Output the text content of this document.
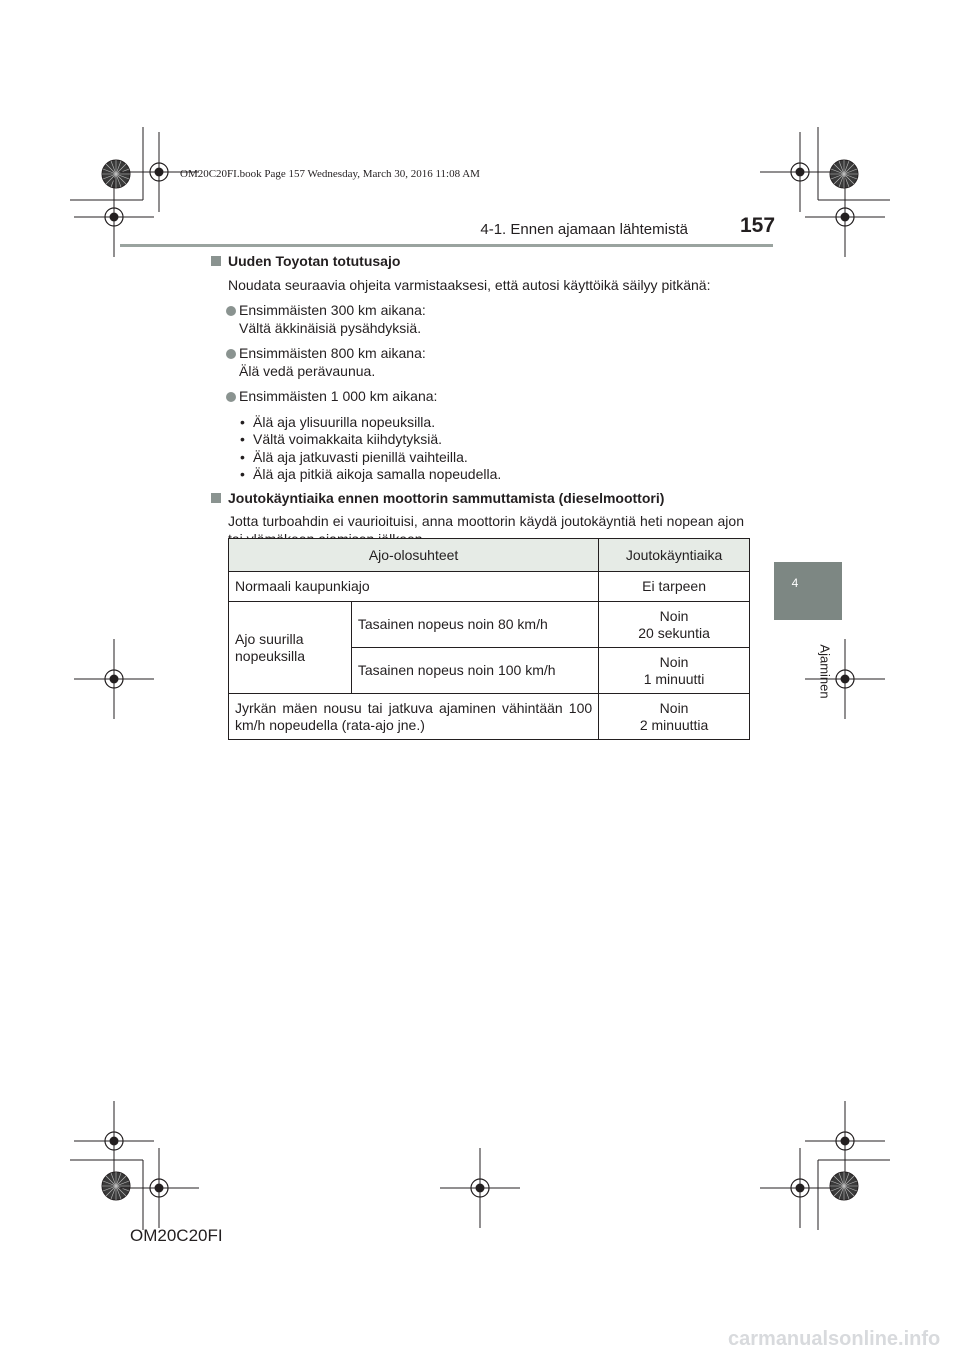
OM20C20FI.book Page 157 Wednesday, March 30, 2016 11:08 AM
4-1. Ennen ajamaan lähtemistä 157
4
Ajaminen

Uuden Toyotan totutusajo

Noudata seuraavia ohjeita varmistaaksesi, että autosi käyttöikä säilyy pitkänä:

Ensimmäisten 300 km aikana:
Vältä äkkinäisiä pysähdyksiä.

Ensimmäisten 800 km aikana:
Älä vedä perävaunua.

Ensimmäisten 1 000 km aikana:

• Älä aja ylisuurilla nopeuksilla.
• Vältä voimakkaita kiihdytyksiä.
• Älä aja jatkuvasti pienillä vaihteilla.
• Älä aja pitkiä aikoja samalla nopeudella.

Joutokäyntiaika ennen moottorin sammuttamista (dieselmoottori)

Jotta turboahdin ei vaurioituisi, anna moottorin käydä joutokäyntiä heti nopean ajon

Ajo-olosuhteet		Joutokäyntiaika
Normaali kaupunkiajo		Ei tarpeen
Ajo suurilla
nopeuksilla	Tasainen nopeus noin 80 km/h	Noin
20 sekuntia
	Tasainen nopeus noin 100 km/h	Noin
1 minuutti
Jyrkän mäen nousu tai jatkuva ajaminen vähintään 100 km/h nopeudella (rata-ajo jne.)		Noin
2 minuuttia
OM20C20FI
carmanualsonline.info
